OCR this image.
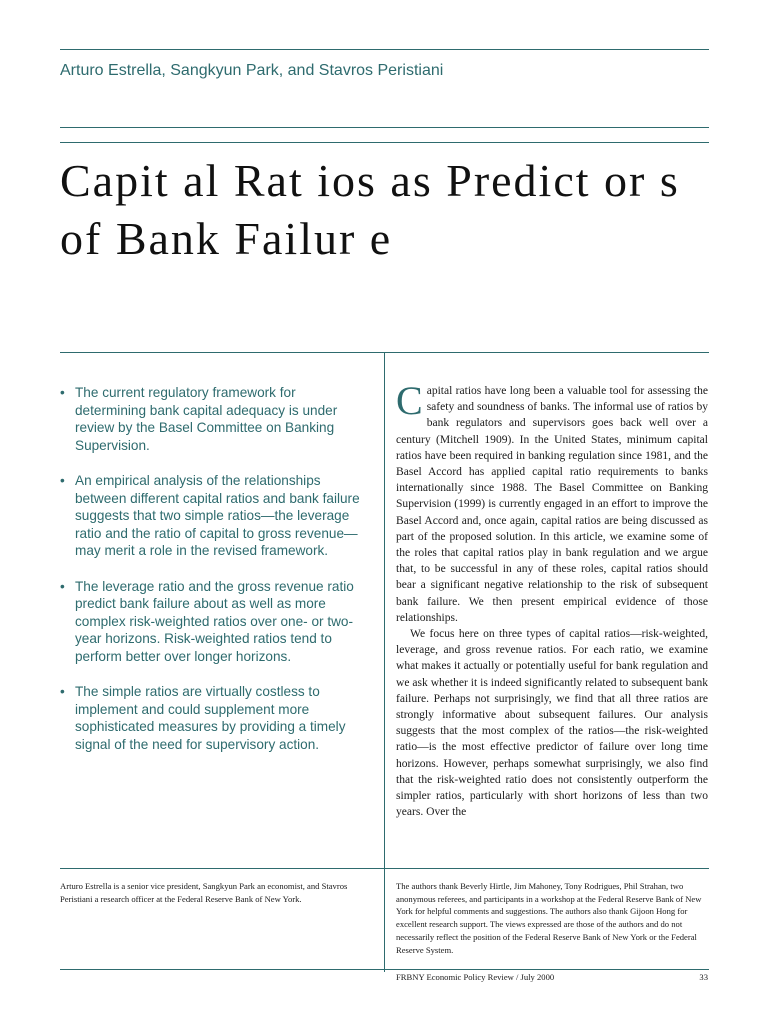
Arturo Estrella, Sangkyun Park, and Stavros Peristiani
Capit al Rat ios as Predict or s
of Bank Failur e
• The current regulatory framework for determining bank capital adequacy is under review by the Basel Committee on Banking Supervision.
• An empirical analysis of the relationships between different capital ratios and bank failure suggests that two simple ratios—the leverage ratio and the ratio of capital to gross revenue—may merit a role in the revised framework.
• The leverage ratio and the gross revenue ratio predict bank failure about as well as more complex risk-weighted ratios over one- or two-year horizons. Risk-weighted ratios tend to perform better over longer horizons.
• The simple ratios are virtually costless to implement and could supplement more sophisticated measures by providing a timely signal of the need for supervisory action.

Capital ratios have long been a valuable tool for assessing the safety and soundness of banks. The informal use of ratios by bank regulators and supervisors goes back well over a century (Mitchell 1909). In the United States, minimum capital ratios have been required in banking regulation since 1981, and the Basel Accord has applied capital ratio requirements to banks internationally since 1988. The Basel Committee on Banking Supervision (1999) is currently engaged in an effort to improve the Basel Accord and, once again, capital ratios are being discussed as part of the proposed solution. In this article, we examine some of the roles that capital ratios play in bank regulation and we argue that, to be successful in any of these roles, capital ratios should bear a significant negative relationship to the risk of subsequent bank failure. We then present empirical evidence of those relationships.

We focus here on three types of capital ratios—risk-weighted, leverage, and gross revenue ratios. For each ratio, we examine what makes it actually or potentially useful for bank regulation and we ask whether it is indeed significantly related to subsequent bank failure. Perhaps not surprisingly, we find that all three ratios are strongly informative about subsequent failures. Our analysis suggests that the most complex of the ratios—the risk-weighted ratio—is the most effective predictor of failure over long time horizons. However, perhaps somewhat surprisingly, we also find that the risk-weighted ratio does not consistently outperform the simpler ratios, particularly with short horizons of less than two years. Over the

Arturo Estrella is a senior vice president, Sangkyun Park an economist, and Stavros Peristiani a research officer at the Federal Reserve Bank of New York.
The authors thank Beverly Hirtle, Jim Mahoney, Tony Rodrigues, Phil Strahan, two anonymous referees, and participants in a workshop at the Federal Reserve Bank of New York for helpful comments and suggestions. The authors also thank Gijoon Hong for excellent research support. The views expressed are those of the authors and do not necessarily reflect the position of the Federal Reserve Bank of New York or the Federal Reserve System.
FRBNY Economic Policy Review / July 2000	33
